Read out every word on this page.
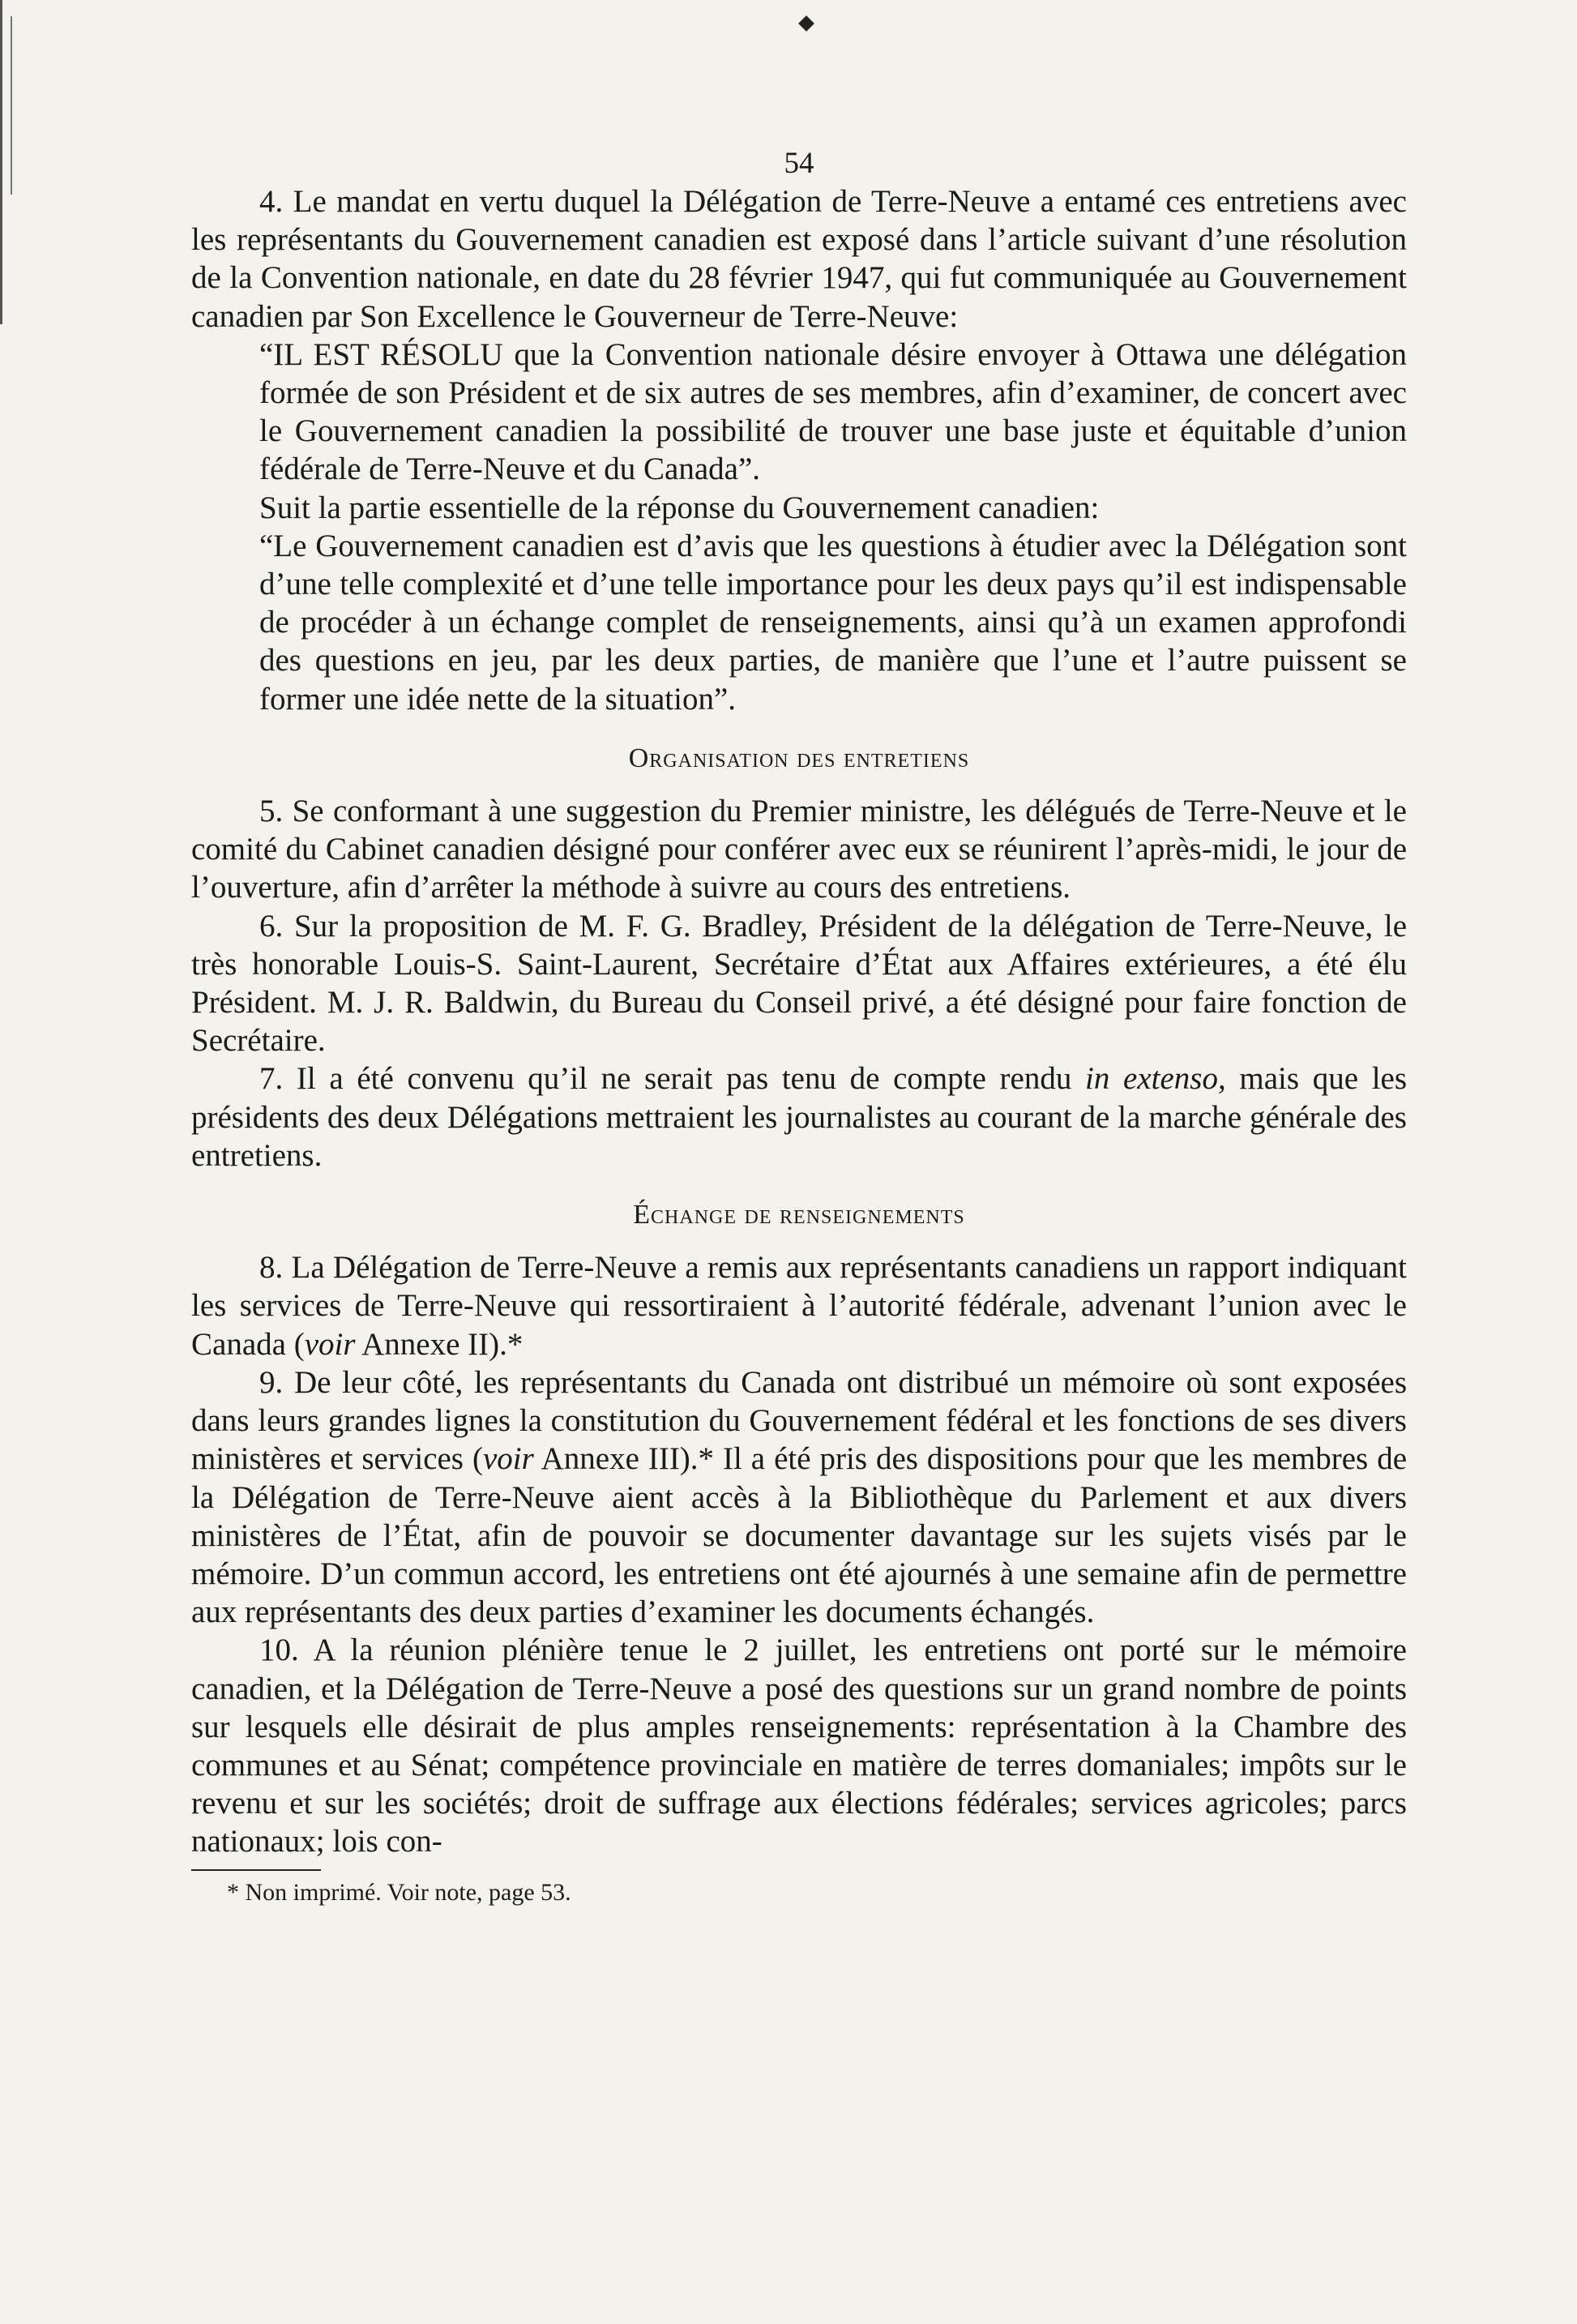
54

4. Le mandat en vertu duquel la Délégation de Terre-Neuve a entamé ces entretiens avec les représentants du Gouvernement canadien est exposé dans l’article suivant d’une résolution de la Convention nationale, en date du 28 février 1947, qui fut communiquée au Gouvernement canadien par Son Excellence le Gouverneur de Terre-Neuve:

“IL EST RÉSOLU que la Convention nationale désire envoyer à Ottawa une délégation formée de son Président et de six autres de ses membres, afin d’examiner, de concert avec le Gouvernement canadien la possibilité de trouver une base juste et équitable d’union fédérale de Terre-Neuve et du Canada”.

Suit la partie essentielle de la réponse du Gouvernement canadien:

“Le Gouvernement canadien est d’avis que les questions à étudier avec la Délégation sont d’une telle complexité et d’une telle importance pour les deux pays qu’il est indispensable de procéder à un échange complet de renseignements, ainsi qu’à un examen approfondi des questions en jeu, par les deux parties, de manière que l’une et l’autre puissent se former une idée nette de la situation”.

Organisation des entretiens

5. Se conformant à une suggestion du Premier ministre, les délégués de Terre-Neuve et le comité du Cabinet canadien désigné pour conférer avec eux se réunirent l’après-midi, le jour de l’ouverture, afin d’arrêter la méthode à suivre au cours des entretiens.

6. Sur la proposition de M. F. G. Bradley, Président de la délégation de Terre-Neuve, le très honorable Louis-S. Saint-Laurent, Secrétaire d’État aux Affaires extérieures, a été élu Président. M. J. R. Baldwin, du Bureau du Conseil privé, a été désigné pour faire fonction de Secrétaire.

7. Il a été convenu qu’il ne serait pas tenu de compte rendu in extenso, mais que les présidents des deux Délégations mettraient les journalistes au courant de la marche générale des entretiens.

Échange de renseignements

8. La Délégation de Terre-Neuve a remis aux représentants canadiens un rapport indiquant les services de Terre-Neuve qui ressortiraient à l’autorité fédérale, advenant l’union avec le Canada (voir Annexe II).*

9. De leur côté, les représentants du Canada ont distribué un mémoire où sont exposées dans leurs grandes lignes la constitution du Gouvernement fédéral et les fonctions de ses divers ministères et services (voir Annexe III).* Il a été pris des dispositions pour que les membres de la Délégation de Terre-Neuve aient accès à la Bibliothèque du Parlement et aux divers ministères de l’État, afin de pouvoir se documenter davantage sur les sujets visés par le mémoire. D’un commun accord, les entretiens ont été ajournés à une semaine afin de permettre aux représentants des deux parties d’examiner les documents échangés.

10. A la réunion plénière tenue le 2 juillet, les entretiens ont porté sur le mémoire canadien, et la Délégation de Terre-Neuve a posé des questions sur un grand nombre de points sur lesquels elle désirait de plus amples renseignements: représentation à la Chambre des communes et au Sénat; compétence provinciale en matière de terres domaniales; impôts sur le revenu et sur les sociétés; droit de suffrage aux élections fédérales; services agricoles; parcs nationaux; lois con-

* Non imprimé. Voir note, page 53.
